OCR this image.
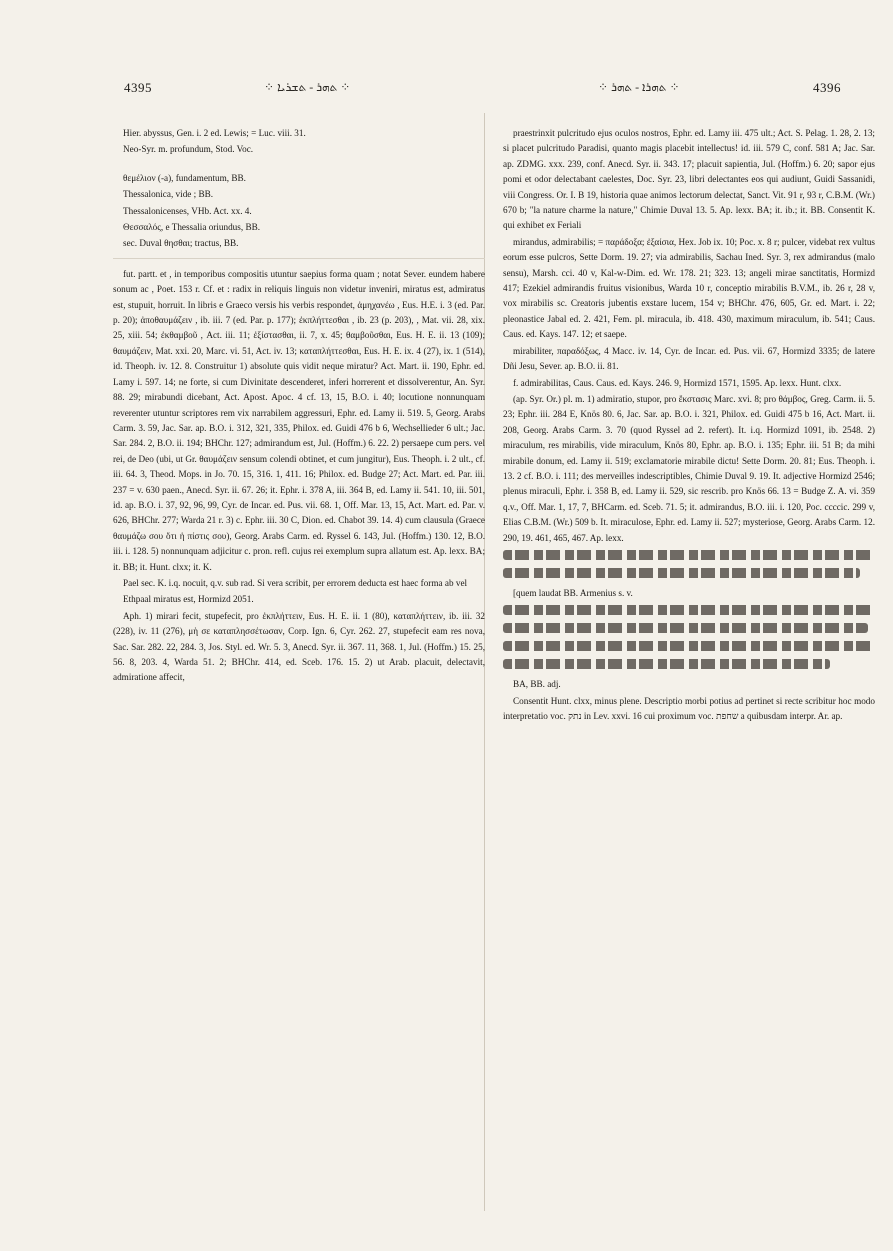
4395	⁘ ܬܗܪ - ܬܫܪܝܐ ⁘	⁘ ܬܗܪܐ - ܬܗܪ ⁘	4396

Hier. abyssus, Gen. i. 2 ed. Lewis; = Luc. viii. 31.

Neo-Syr. m. profundum, Stod. Voc.

θεμέλιον (-a), fundamentum, BB.

Thessalonica, vide ; BB.

Thessalonicenses, VHb. Act. xx. 4.

Θεσσαλός, e Thessalia oriundus, BB.

sec. Duval θησθαι; tractus, BB.

fut. partt. et , in temporibus compositis utuntur saepius forma quam ; notat Sever. eundem habere sonum ac , Poet. 153 r. Cf. et : radix in reliquis linguis non videtur inveniri, miratus est, admiratus est, stupuit, horruit. In libris e Graeco versis his verbis respondet, ἀμηχανέω , Eus. H.E. i. 3 (ed. Par. p. 20); ἀποθαυμάζειν , ib. iii. 7 (ed. Par. p. 177); ἐκπλήττεσθαι , ib. 23 (p. 203), , Mat. vii. 28, xix. 25, xiii. 54; ἐκθαμβοῦ , Act. iii. 11; ἐξίστασθαι, ii. 7, x. 45; θαμβοῦσθαι, Eus. H. E. ii. 13 (109); θαυμάζειν, Mat. xxi. 20, Marc. vi. 51, Act. iv. 13; καταπλήττεσθαι, Eus. H. E. ix. 4 (27), ix. 1 (514), id. Theoph. iv. 12. 8. Construitur 1) absolute quis vidit neque miratur? Act. Mart. ii. 190, Ephr. ed. Lamy i. 597. 14; ne forte, si cum Divinitate descenderet, inferi horrerent et dissolverentur, An. Syr. 88. 29; mirabundi dicebant, Act. Apost. Apoc. 4 cf. 13, 15, B.O. i. 40; locutione nonnunquam reverenter utuntur scriptores rem vix narrabilem aggressuri, Ephr. ed. Lamy ii. 519. 5, Georg. Arabs Carm. 3. 59, Jac. Sar. ap. B.O. i. 312, 321, 335, Philox. ed. Guidi 476 b 6, Wechsellieder 6 ult.; Jac. Sar. 284. 2, B.O. ii. 194; BHChr. 127; admirandum est, Jul. (Hoffm.) 6. 22. 2) persaepe cum pers. vel rei, de Deo (ubi, ut Gr. θαυμάζειν sensum colendi obtinet, et cum jungitur), Eus. Theoph. i. 2 ult., cf. iii. 64. 3, Theod. Mops. in Jo. 70. 15, 316. 1, 411. 16; Philox. ed. Budge 27; Act. Mart. ed. Par. iii. 237 = v. 630 paen., Anecd. Syr. ii. 67. 26; it. Ephr. i. 378 A, iii. 364 B, ed. Lamy ii. 541. 10, iii. 501, id. ap. B.O. i. 37, 92, 96, 99, Cyr. de Incar. ed. Pus. vii. 68. 1, Off. Mar. 13, 15, Act. Mart. ed. Par. v. 626, BHChr. 277; Warda 21 r. 3) c. Ephr. iii. 30 C, Dion. ed. Chabot 39. 14. 4) cum clausula (Graece θαυμάζω σου ὅτι ἡ πίστις σου), Georg. Arabs Carm. ed. Ryssel 6. 143, Jul. (Hoffm.) 130. 12, B.O. iii. i. 128. 5) nonnunquam adjicitur c. pron. refl. cujus rei exemplum supra allatum est. Ap. lexx. BA; it. BB; it. Hunt. clxx; it. K.

Pael sec. K. i.q. nocuit, q.v. sub rad. Si vera scribit, per errorem deducta est haec forma ab vel

Ethpaal miratus est, Hormizd 2051.

Aph. 1) mirari fecit, stupefecit, pro ἐκπλήττειν, Eus. H. E. ii. 1 (80), καταπλήττειν, ib. iii. 32 (228), iv. 11 (276), μὴ σε καταπλησσέτωσαν, Corp. Ign. 6, Cyr. 262. 27, stupefecit eam res nova, Sac. Sar. 282. 22, 284. 3, Jos. Styl. ed. Wr. 5. 3, Anecd. Syr. ii. 367. 11, 368. 1, Jul. (Hoffm.) 15. 25, 56. 8, 203. 4, Warda 51. 2; BHChr. 414, ed. Sceb. 176. 15. 2) ut Arab. placuit, delectavit, admiratione affecit,

praestrinxit pulcritudo ejus oculos nostros, Ephr. ed. Lamy iii. 475 ult.; Act. S. Pelag. 1. 28, 2. 13; si placet pulcritudo Paradisi, quanto magis placebit intellectus! id. iii. 579 C, conf. 581 A; Jac. Sar. ap. ZDMG. xxx. 239, conf. Anecd. Syr. ii. 343. 17; placuit sapientia, Jul. (Hoffm.) 6. 20; sapor ejus pomi et odor delectabant caelestes, Doc. Syr. 23, libri delectantes eos qui audiunt, Guidi Sassanidi, viii Congress. Or. I. B 19, historia quae animos lectorum delectat, Sanct. Vit. 91 r, 93 r, C.B.M. (Wr.) 670 b; "la nature charme la nature," Chimie Duval 13. 5. Ap. lexx. BA; it. ib.; it. BB. Consentit K. qui exhibet ex Feriali

mirandus, admirabilis; = παράδοξα; ἐξαίσια, Hex. Job ix. 10; Poc. x. 8 r; pulcer, videbat rex vultus eorum esse pulcros, Sette Dorm. 19. 27; via admirabilis, Sachau Ined. Syr. 3, rex admirandus (malo sensu), Marsh. cci. 40 v, Kal-w-Dim. ed. Wr. 178. 21; 323. 13; angeli mirae sanctitatis, Hormizd 417; Ezekiel admirandis fruitus visionibus, Warda 10 r, conceptio mirabilis B.V.M., ib. 26 r, 28 v, vox mirabilis sc. Creatoris jubentis exstare lucem, 154 v; BHChr. 476, 605, Gr. ed. Mart. i. 22; pleonastice Jabal ed. 2. 421, Fem. pl. miracula, ib. 418. 430, maximum miraculum, ib. 541; Caus. Caus. ed. Kays. 147. 12; et saepe.

mirabiliter, παραδόξως, 4 Macc. iv. 14, Cyr. de Incar. ed. Pus. vii. 67, Hormizd 3335; de latere Dñi Jesu, Sever. ap. B.O. ii. 81.

f. admirabilitas, Caus. Caus. ed. Kays. 246. 9, Hormizd 1571, 1595. Ap. lexx. Hunt. clxx.

(ap. Syr. Or.) pl. m. 1) admiratio, stupor, pro ἔκστασις Marc. xvi. 8; pro θάμβος, Greg. Carm. ii. 5. 23; Ephr. iii. 284 E, Knös 80. 6, Jac. Sar. ap. B.O. i. 321, Philox. ed. Guidi 475 b 16, Act. Mart. ii. 208, Georg. Arabs Carm. 3. 70 (quod Ryssel ad 2. refert). It. i.q. Hormizd 1091, ib. 2548. 2) miraculum, res mirabilis, vide miraculum, Knös 80, Ephr. ap. B.O. i. 135; Ephr. iii. 51 B; da mihi mirabile donum, ed. Lamy ii. 519; exclamatorie mirabile dictu! Sette Dorm. 20. 81; Eus. Theoph. i. 13. 2 cf. B.O. i. 111; des merveilles indescriptibles, Chimie Duval 9. 19. It. adjective Hormizd 2546; plenus miraculi, Ephr. i. 358 B, ed. Lamy ii. 529, sic rescrib. pro Knös 66. 13 = Budge Z. A. vi. 359 q.v., Off. Mar. 1, 17, 7, BHCarm. ed. Sceb. 71. 5; it. admirandus, B.O. iii. i. 120, Poc. ccccic. 299 v, Elias C.B.M. (Wr.) 509 b. It. miraculose, Ephr. ed. Lamy ii. 527; mysteriose, Georg. Arabs Carm. 12. 290, 19. 461, 465, 467. Ap. lexx.

[quem laudat BB. Armenius s. v.

BA, BB. adj.

Consentit Hunt. clxx, minus plene. Descriptio morbi potius ad pertinet si recte scribitur hoc modo interpretatio voc. נתק in Lev. xxvi. 16 cui proximum voc. שחפת a quibusdam interpr. Ar. ap.
